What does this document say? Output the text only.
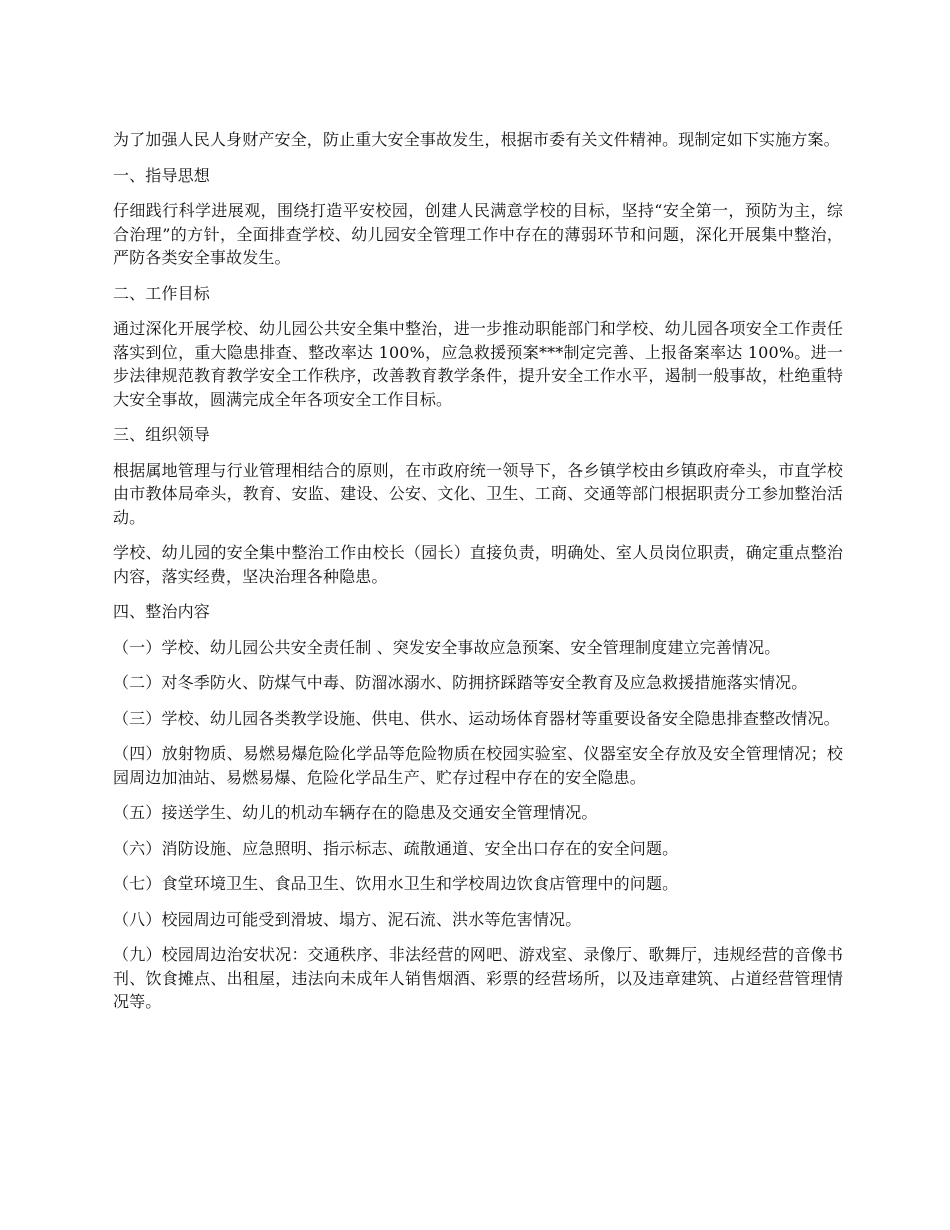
为了加强人民人身财产安全，防止重大安全事故发生，根据市委有关文件精神。现制定如下实施方案。

一、指导思想

仔细践行科学进展观，围绕打造平安校园，创建人民满意学校的目标，坚持“安全第一，预防为主，综合治理”的方针，全面排查学校、幼儿园安全管理工作中存在的薄弱环节和问题，深化开展集中整治，严防各类安全事故发生。

二、工作目标

通过深化开展学校、幼儿园公共安全集中整治，进一步推动职能部门和学校、幼儿园各项安全工作责任落实到位，重大隐患排查、整改率达 100%，应急救援预案***制定完善、上报备案率达 100%。进一步法律规范教育教学安全工作秩序，改善教育教学条件，提升安全工作水平，遏制一般事故，杜绝重特大安全事故，圆满完成全年各项安全工作目标。

三、组织领导

根据属地管理与行业管理相结合的原则，在市政府统一领导下，各乡镇学校由乡镇政府牵头，市直学校由市教体局牵头，教育、安监、建设、公安、文化、卫生、工商、交通等部门根据职责分工参加整治活动。

学校、幼儿园的安全集中整治工作由校长（园长）直接负责，明确处、室人员岗位职责，确定重点整治内容，落实经费，坚决治理各种隐患。

四、整治内容

（一）学校、幼儿园公共安全责任制 、突发安全事故应急预案、安全管理制度建立完善情况。

（二）对冬季防火、防煤气中毒、防溜冰溺水、防拥挤踩踏等安全教育及应急救援措施落实情况。

（三）学校、幼儿园各类教学设施、供电、供水、运动场体育器材等重要设备安全隐患排查整改情况。

（四）放射物质、易燃易爆危险化学品等危险物质在校园实验室、仪器室安全存放及安全管理情况；校园周边加油站、易燃易爆、危险化学品生产、贮存过程中存在的安全隐患。

（五）接送学生、幼儿的机动车辆存在的隐患及交通安全管理情况。

（六）消防设施、应急照明、指示标志、疏散通道、安全出口存在的安全问题。

（七）食堂环境卫生、食品卫生、饮用水卫生和学校周边饮食店管理中的问题。

（八）校园周边可能受到滑坡、塌方、泥石流、洪水等危害情况。

（九）校园周边治安状况：交通秩序、非法经营的网吧、游戏室、录像厅、歌舞厅，违规经营的音像书刊、饮食摊点、出租屋，违法向未成年人销售烟酒、彩票的经营场所，以及违章建筑、占道经营管理情况等。
